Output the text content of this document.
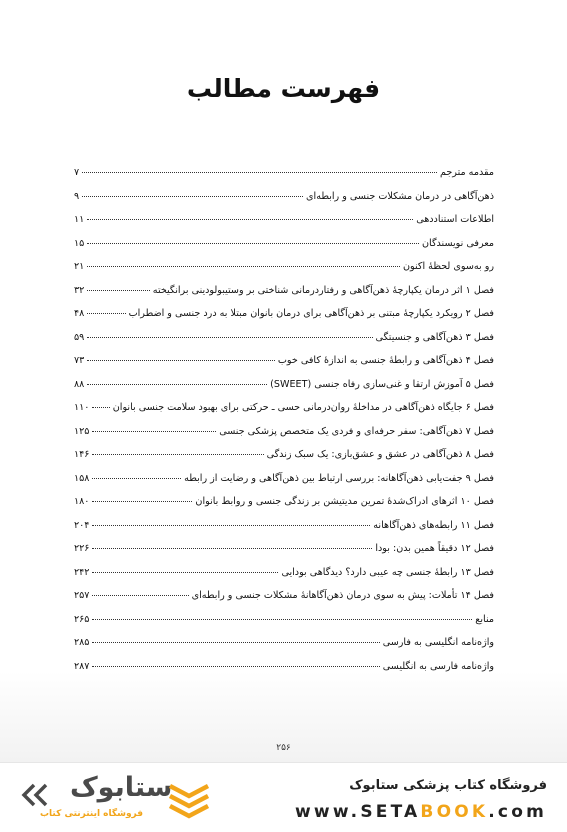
فهرست مطالب
مقدمه مترجم
۷
ذهن‌آگاهی در درمان مشکلات جنسی و رابطه‌ای
۹
اطلاعات استناددهی
۱۱
معرفی نویسندگان
۱۵
رو به‌سوی لحظهٔ اکنون
۲۱
فصل ۱ اثر درمان یکپارچهٔ ذهن‌آگاهی و رفتاردرمانی شناختی بر وستیبولودینی برانگیخته
۳۲
فصل ۲ رویکرد یکپارچهٔ مبتنی بر ذهن‌آگاهی برای درمان بانوان مبتلا به درد جنسی و اضطراب
۴۸
فصل ۳ ذهن‌آگاهی و جنسیتگی
۵۹
فصل ۴ ذهن‌آگاهی و رابطهٔ جنسی به اندازهٔ کافی خوب
۷۳
فصل ۵ آموزش ارتقا و غنی‌سازی رفاه جنسی (SWEET)
۸۸
فصل ۶ جایگاه ذهن‌آگاهی در مداخلهٔ روان‌درمانی حسی ـ حرکتی برای بهبود سلامت جنسی بانوان
۱۱۰
فصل ۷ ذهن‌آگاهی: سفر حرفه‌ای و فردی یک متخصص پزشکی جنسی
۱۲۵
فصل ۸ ذهن‌آگاهی در عشق و عشق‌بازی: یک سبک زندگی
۱۴۶
فصل ۹ جفت‌یابی ذهن‌آگاهانه: بررسی ارتباط بین ذهن‌آگاهی و رضایت از رابطه
۱۵۸
فصل ۱۰ اثرهای ادراک‌شدهٔ تمرین مدیتیشن بر زندگی جنسی و روابط بانوان
۱۸۰
فصل ۱۱ رابطه‌های ذهن‌آگاهانه
۲۰۴
فصل ۱۲ دقیقاً همین بدن: بودا
۲۲۶
فصل ۱۳ رابطهٔ جنسی چه عیبی دارد؟ دیدگاهی بودایی
۲۴۲
فصل ۱۴ تأملات: پیش به سوی درمان ذهن‌آگاهانهٔ مشکلات جنسی و رابطه‌ای
۲۵۷
منابع
۲۶۵
واژه‌نامه انگلیسی به فارسی
۲۸۵
واژه‌نامه فارسی به انگلیسی
۲۸۷
۲۵۶
ستابوک
فروشگاه اینترنتی کتاب
فروشگاه کتاب پزشکی ستابوک
www.SETABOOK.com
